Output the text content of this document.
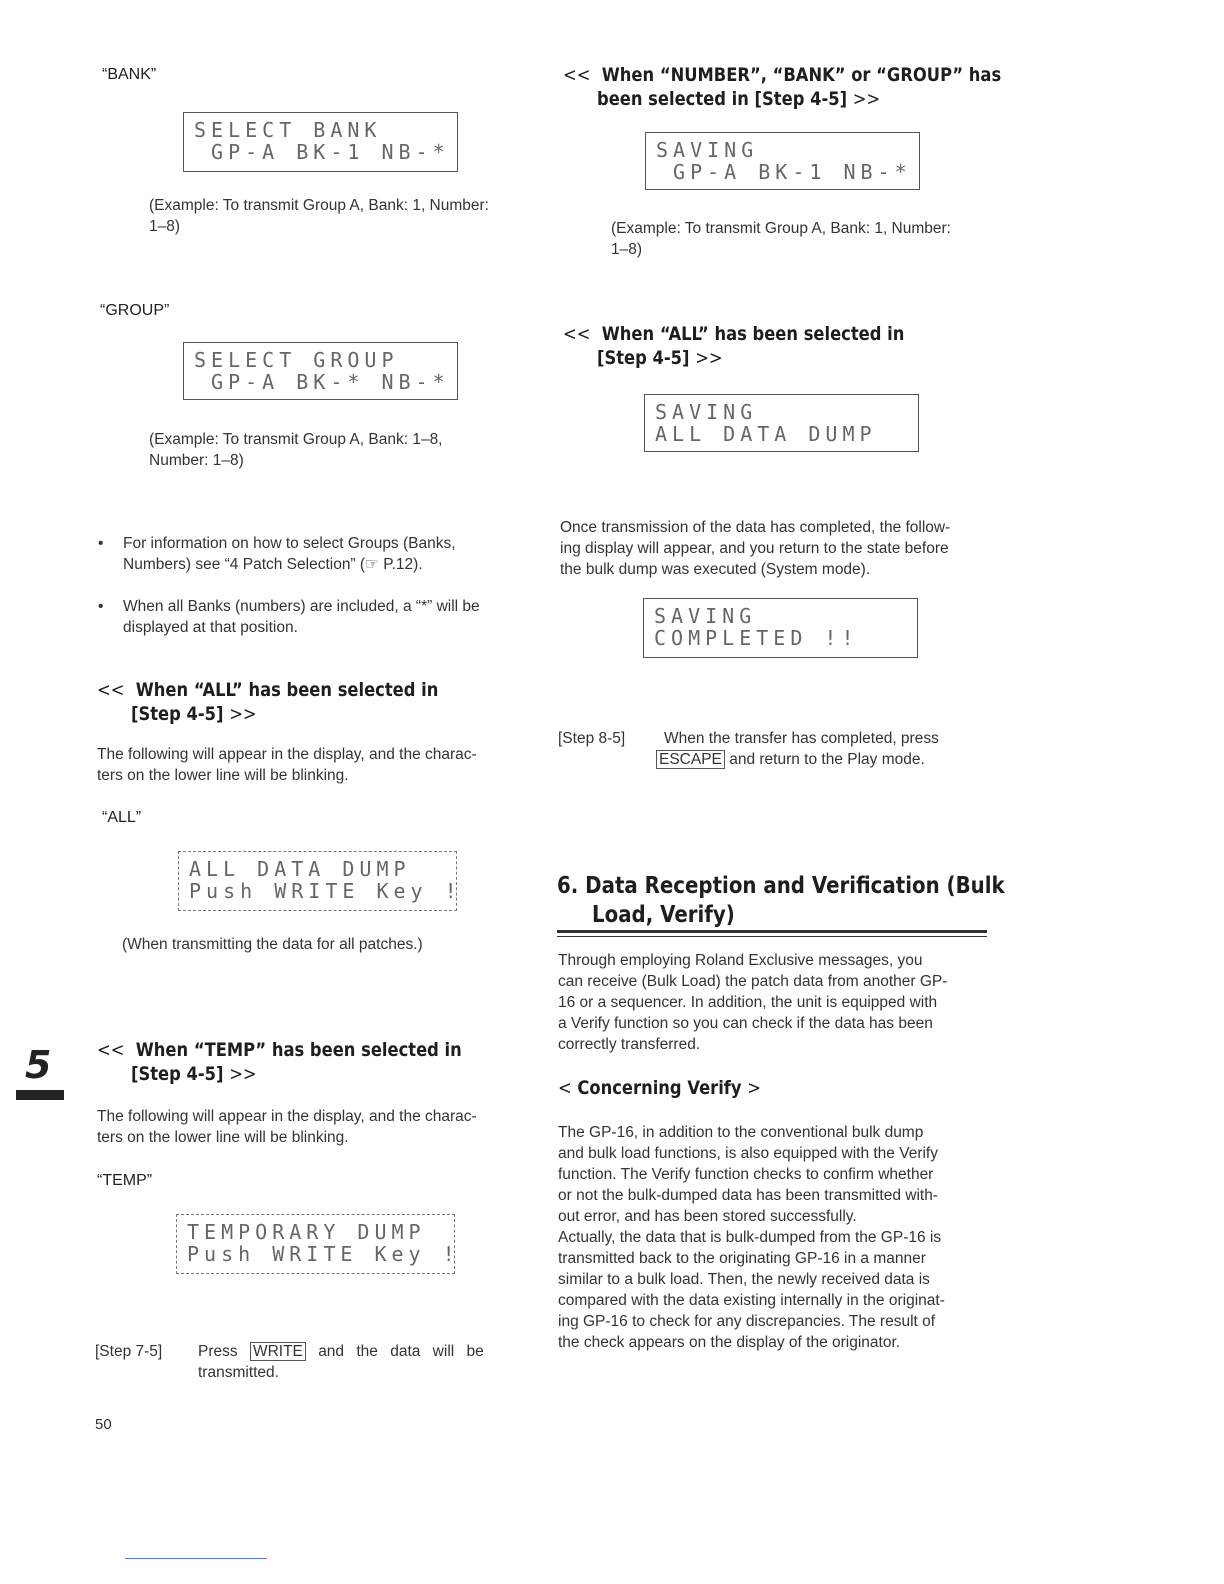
“BANK”
SELECT BANK
GP-A BK-1 NB-*
(Example: To transmit Group A, Bank: 1, Number:
1–8)
“GROUP”
SELECT GROUP
GP-A BK-* NB-*
(Example: To transmit Group A, Bank: 1–8,
Number: 1–8)
• For information on how to select Groups (Banks,
Numbers) see “4 Patch Selection” (☞ P.12).
• When all Banks (numbers) are included, a “*” will be
displayed at that position.
<< When “ALL” has been selected in
[Step 4-5] >>
The following will appear in the display, and the charac-
ters on the lower line will be blinking.
“ALL”
ALL DATA DUMP
Push WRITE Key !
(When transmitting the data for all patches.)
<< When “TEMP” has been selected in
[Step 4-5] >>
The following will appear in the display, and the charac-
ters on the lower line will be blinking.
“TEMP”
TEMPORARY DUMP
Push WRITE Key !
[Step 7-5] Press WRITE and the data will be
transmitted.
50
5
<< When “NUMBER”, “BANK” or “GROUP” has
been selected in [Step 4-5] >>
SAVING
GP-A BK-1 NB-*
(Example: To transmit Group A, Bank: 1, Number:
1–8)
<< When “ALL” has been selected in
[Step 4-5] >>
SAVING
ALL DATA DUMP
Once transmission of the data has completed, the follow-
ing display will appear, and you return to the state before
the bulk dump was executed (System mode).
SAVING
COMPLETED !!
[Step 8-5]	When the transfer has completed, press
ESCAPE and return to the Play mode.
6. Data Reception and Verification (Bulk
Load, Verify)
Through employing Roland Exclusive messages, you
can receive (Bulk Load) the patch data from another GP-
16 or a sequencer. In addition, the unit is equipped with
a Verify function so you can check if the data has been
correctly transferred.
< Concerning Verify >
The GP-16, in addition to the conventional bulk dump
and bulk load functions, is also equipped with the Verify
function. The Verify function checks to confirm whether
or not the bulk-dumped data has been transmitted with-
out error, and has been stored successfully.
Actually, the data that is bulk-dumped from the GP-16 is
transmitted back to the originating GP-16 in a manner
similar to a bulk load. Then, the newly received data is
compared with the data existing internally in the originat-
ing GP-16 to check for any discrepancies. The result of
the check appears on the display of the originator.
